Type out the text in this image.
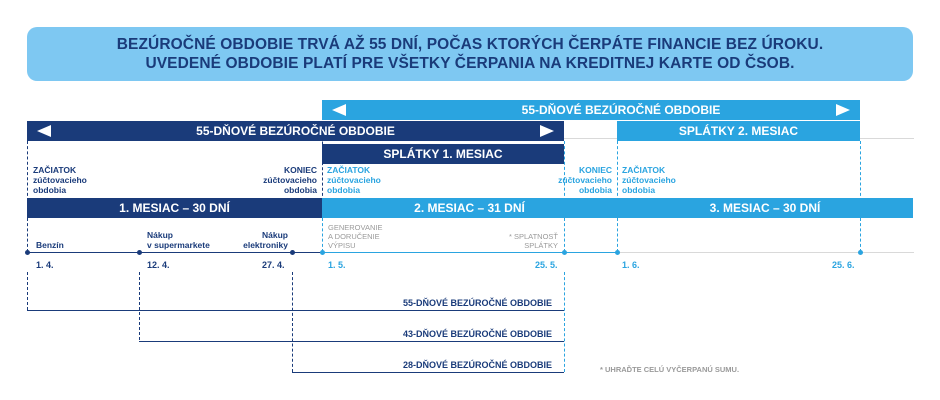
BEZÚROČNÉ OBDOBIE TRVÁ AŽ 55 DNÍ, POČAS KTORÝCH ČERPÁTE FINANCIE BEZ ÚROKU.
UVEDENÉ OBDOBIE PLATÍ PRE VŠETKY ČERPANIA NA KREDITNEJ KARTE OD ČSOB.
55-DŇOVÉ BEZÚROČNÉ OBDOBIE
55-DŇOVÉ BEZÚROČNÉ OBDOBIE	SPLÁTKY 2. MESIAC
SPLÁTKY 1. MESIAC
ZAČIATOK
zúčtovacieho
obdobia
KONIEC
zúčtovacieho
obdobia
ZAČIATOK
zúčtovacieho
obdobia
KONIEC
zúčtovacieho
obdobia
ZAČIATOK
zúčtovacieho
obdobia
1. MESIAC – 30 DNÍ	2. MESIAC – 31 DNÍ	3. MESIAC – 30 DNÍ
Benzín
Nákup
v supermarkete
Nákup
elektroniky
GENEROVANIE
A DORUČENIE
VÝPISU
* SPLATNOSŤ
SPLÁTKY
1. 4.	12. 4.	27. 4.	1. 5.	25. 5.	1. 6.	25. 6.
55-DŇOVÉ BEZÚROČNÉ OBDOBIE
43-DŇOVÉ BEZÚROČNÉ OBDOBIE
28-DŇOVÉ BEZÚROČNÉ OBDOBIE	* UHRAĎTE CELÚ VYČERPANÚ SUMU.
